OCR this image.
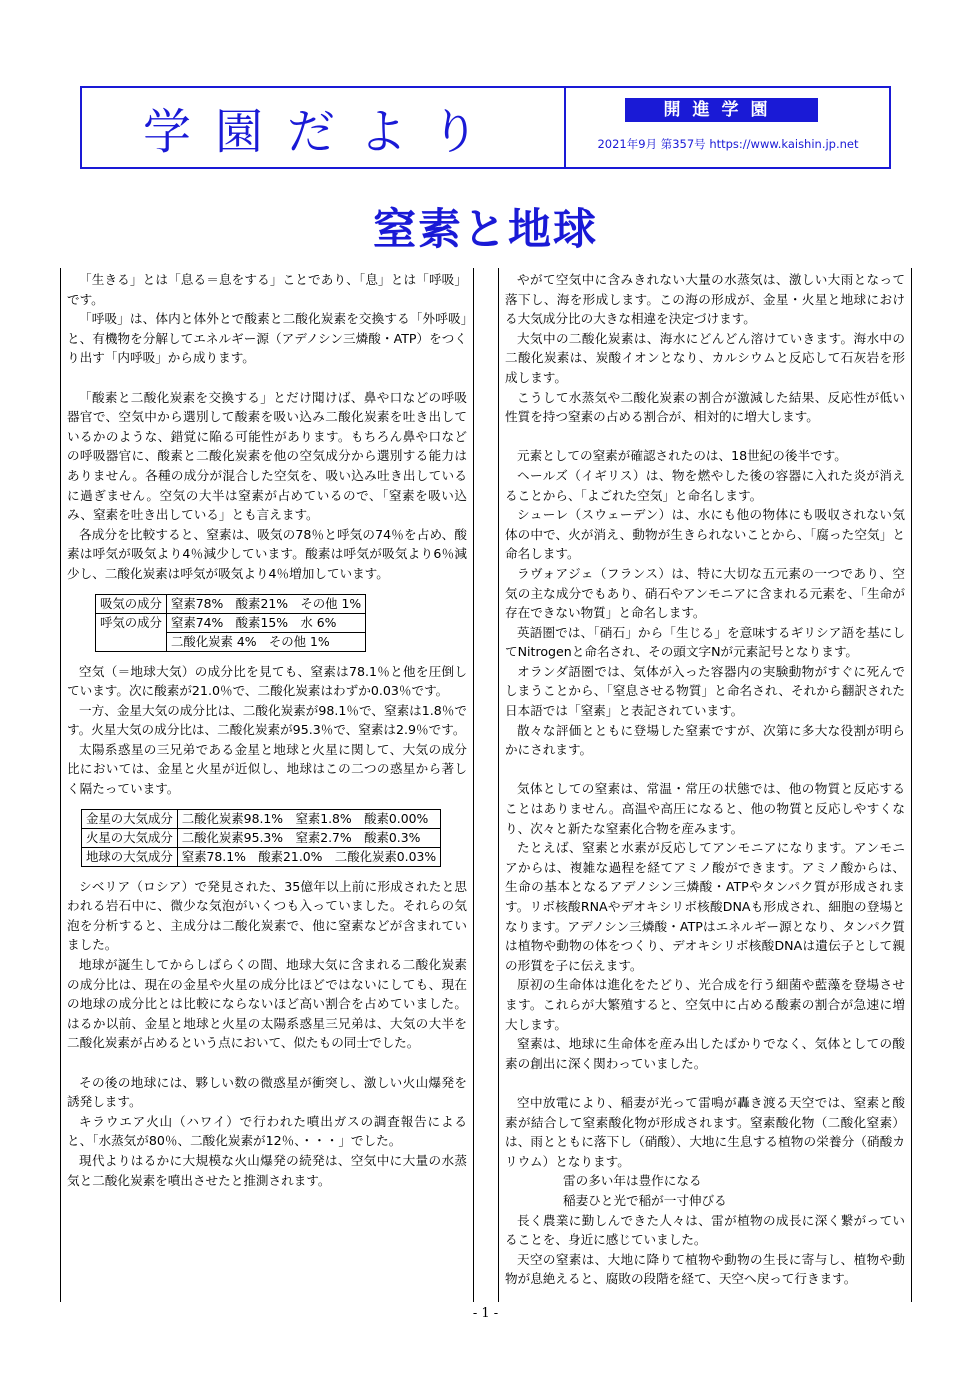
学園だより	開進学園
2021年9月 第357号 https://www.kaishin.jp.net
窒素と地球

「生きる」とは「息る＝息をする」ことであり、「息」とは「呼吸」です。

「呼吸」は、体内と体外とで酸素と二酸化炭素を交換する「外呼吸」と、有機物を分解してエネルギー源（アデノシン三燐酸・ATP）をつくり出す「内呼吸」から成ります。

「酸素と二酸化炭素を交換する」とだけ聞けば、鼻や口などの呼吸器官で、空気中から選別して酸素を吸い込み二酸化炭素を吐き出しているかのような、錯覚に陥る可能性があります。もちろん鼻や口などの呼吸器官に、酸素と二酸化炭素を他の空気成分から選別する能力はありません。各種の成分が混合した空気を、吸い込み吐き出しているに過ぎません。空気の大半は窒素が占めているので、「窒素を吸い込み、窒素を吐き出している」とも言えます。

各成分を比較すると、窒素は、吸気の78％と呼気の74％を占め、酸素は呼気が吸気より4％減少しています。酸素は呼気が吸気より6％減少し、二酸化炭素は呼気が吸気より4％増加しています。

吸気の成分	窒素78%　酸素21%　その他 1%
呼気の成分	窒素74%　酸素15%　水 6%
	二酸化炭素 4%　その他 1%

空気（＝地球大気）の成分比を見ても、窒素は78.1％と他を圧倒しています。次に酸素が21.0％で、二酸化炭素はわずか0.03％です。

一方、金星大気の成分比は、二酸化炭素が98.1％で、窒素は1.8％です。火星大気の成分比は、二酸化炭素が95.3％で、窒素は2.9％です。

太陽系惑星の三兄弟である金星と地球と火星に関して、大気の成分比においては、金星と火星が近似し、地球はこの二つの惑星から著しく隔たっています。

金星の大気成分	二酸化炭素98.1%　窒素1.8%　酸素0.00%
火星の大気成分	二酸化炭素95.3%　窒素2.7%　酸素0.3%
地球の大気成分	窒素78.1%　酸素21.0%　二酸化炭素0.03%

シベリア（ロシア）で発見された、35億年以上前に形成されたと思われる岩石中に、微少な気泡がいくつも入っていました。それらの気泡を分析すると、主成分は二酸化炭素で、他に窒素などが含まれていました。

地球が誕生してからしばらくの間、地球大気に含まれる二酸化炭素の成分比は、現在の金星や火星の成分比ほどではないにしても、現在の地球の成分比とは比較にならないほど高い割合を占めていました。はるか以前、金星と地球と火星の太陽系惑星三兄弟は、大気の大半を二酸化炭素が占めるという点において、似たもの同士でした。

その後の地球には、夥しい数の微惑星が衝突し、激しい火山爆発を誘発します。

キラウエア火山（ハワイ）で行われた噴出ガスの調査報告によると、「水蒸気が80％、二酸化炭素が12％、・・・」でした。

現代よりはるかに大規模な火山爆発の続発は、空気中に大量の水蒸気と二酸化炭素を噴出させたと推測されます。

やがて空気中に含みきれない大量の水蒸気は、激しい大雨となって落下し、海を形成します。この海の形成が、金星・火星と地球における大気成分比の大きな相違を決定づけます。

大気中の二酸化炭素は、海水にどんどん溶けていきます。海水中の二酸化炭素は、炭酸イオンとなり、カルシウムと反応して石灰岩を形成します。

こうして水蒸気や二酸化炭素の割合が激減した結果、反応性が低い性質を持つ窒素の占める割合が、相対的に増大します。

元素としての窒素が確認されたのは、18世紀の後半です。

ヘールズ（イギリス）は、物を燃やした後の容器に入れた炎が消えることから、「よごれた空気」と命名します。

シューレ（スウェーデン）は、水にも他の物体にも吸収されない気体の中で、火が消え、動物が生きられないことから、「腐った空気」と命名します。

ラヴォアジェ（フランス）は、特に大切な五元素の一つであり、空気の主な成分でもあり、硝石やアンモニアに含まれる元素を、「生命が存在できない物質」と命名します。

英語圏では、「硝石」から「生じる」を意味するギリシア語を基にしてNitrogenと命名され、その頭文字Nが元素記号となります。

オランダ語圏では、気体が入った容器内の実験動物がすぐに死んでしまうことから、「窒息させる物質」と命名され、それから翻訳された日本語では「窒素」と表記されています。

散々な評価とともに登場した窒素ですが、次第に多大な役割が明らかにされます。

気体としての窒素は、常温・常圧の状態では、他の物質と反応することはありません。高温や高圧になると、他の物質と反応しやすくなり、次々と新たな窒素化合物を産みます。

たとえば、窒素と水素が反応してアンモニアになります。アンモニアからは、複雑な過程を経てアミノ酸ができます。アミノ酸からは、生命の基本となるアデノシン三燐酸・ATPやタンパク質が形成されます。リボ核酸RNAやデオキシリボ核酸DNAも形成され、細胞の登場となります。アデノシン三燐酸・ATPはエネルギー源となり、タンパク質は植物や動物の体をつくり、デオキシリボ核酸DNAは遺伝子として親の形質を子に伝えます。

原初の生命体は進化をたどり、光合成を行う細菌や藍藻を登場させます。これらが大繁殖すると、空気中に占める酸素の割合が急速に増大します。

窒素は、地球に生命体を産み出したばかりでなく、気体としての酸素の創出に深く関わっていました。

空中放電により、稲妻が光って雷鳴が轟き渡る天空では、窒素と酸素が結合して窒素酸化物が形成されます。窒素酸化物（二酸化窒素）は、雨とともに落下し（硝酸）、大地に生息する植物の栄養分（硝酸カリウム）となります。

雷の多い年は豊作になる

稲妻ひと光で稲が一寸伸びる

長く農業に勤しんできた人々は、雷が植物の成長に深く繋がっていることを、身近に感じていました。

天空の窒素は、大地に降りて植物や動物の生長に寄与し、植物や動物が息絶えると、腐敗の段階を経て、天空へ戻って行きます。

- 1 -
